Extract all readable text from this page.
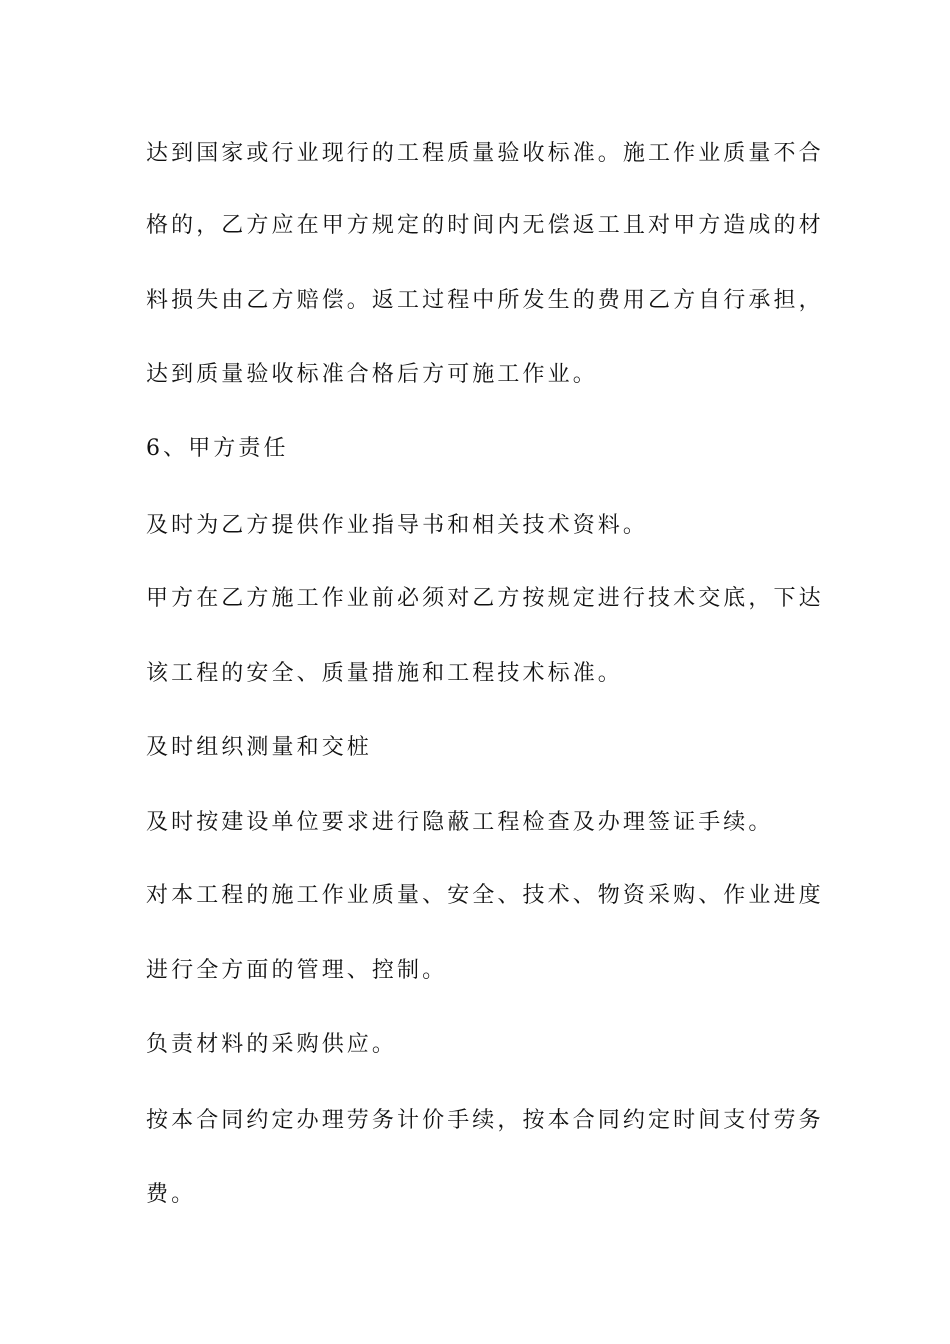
达到国家或行业现行的工程质量验收标准。施工作业质量不合
格的，乙方应在甲方规定的时间内无偿返工且对甲方造成的材
料损失由乙方赔偿。返工过程中所发生的费用乙方自行承担，
达到质量验收标准合格后方可施工作业。
6、甲方责任
及时为乙方提供作业指导书和相关技术资料。
甲方在乙方施工作业前必须对乙方按规定进行技术交底，下达
该工程的安全、质量措施和工程技术标准。
及时组织测量和交桩
及时按建设单位要求进行隐蔽工程检查及办理签证手续。
对本工程的施工作业质量、安全、技术、物资采购、作业进度
进行全方面的管理、控制。
负责材料的采购供应。
按本合同约定办理劳务计价手续，按本合同约定时间支付劳务
费。
